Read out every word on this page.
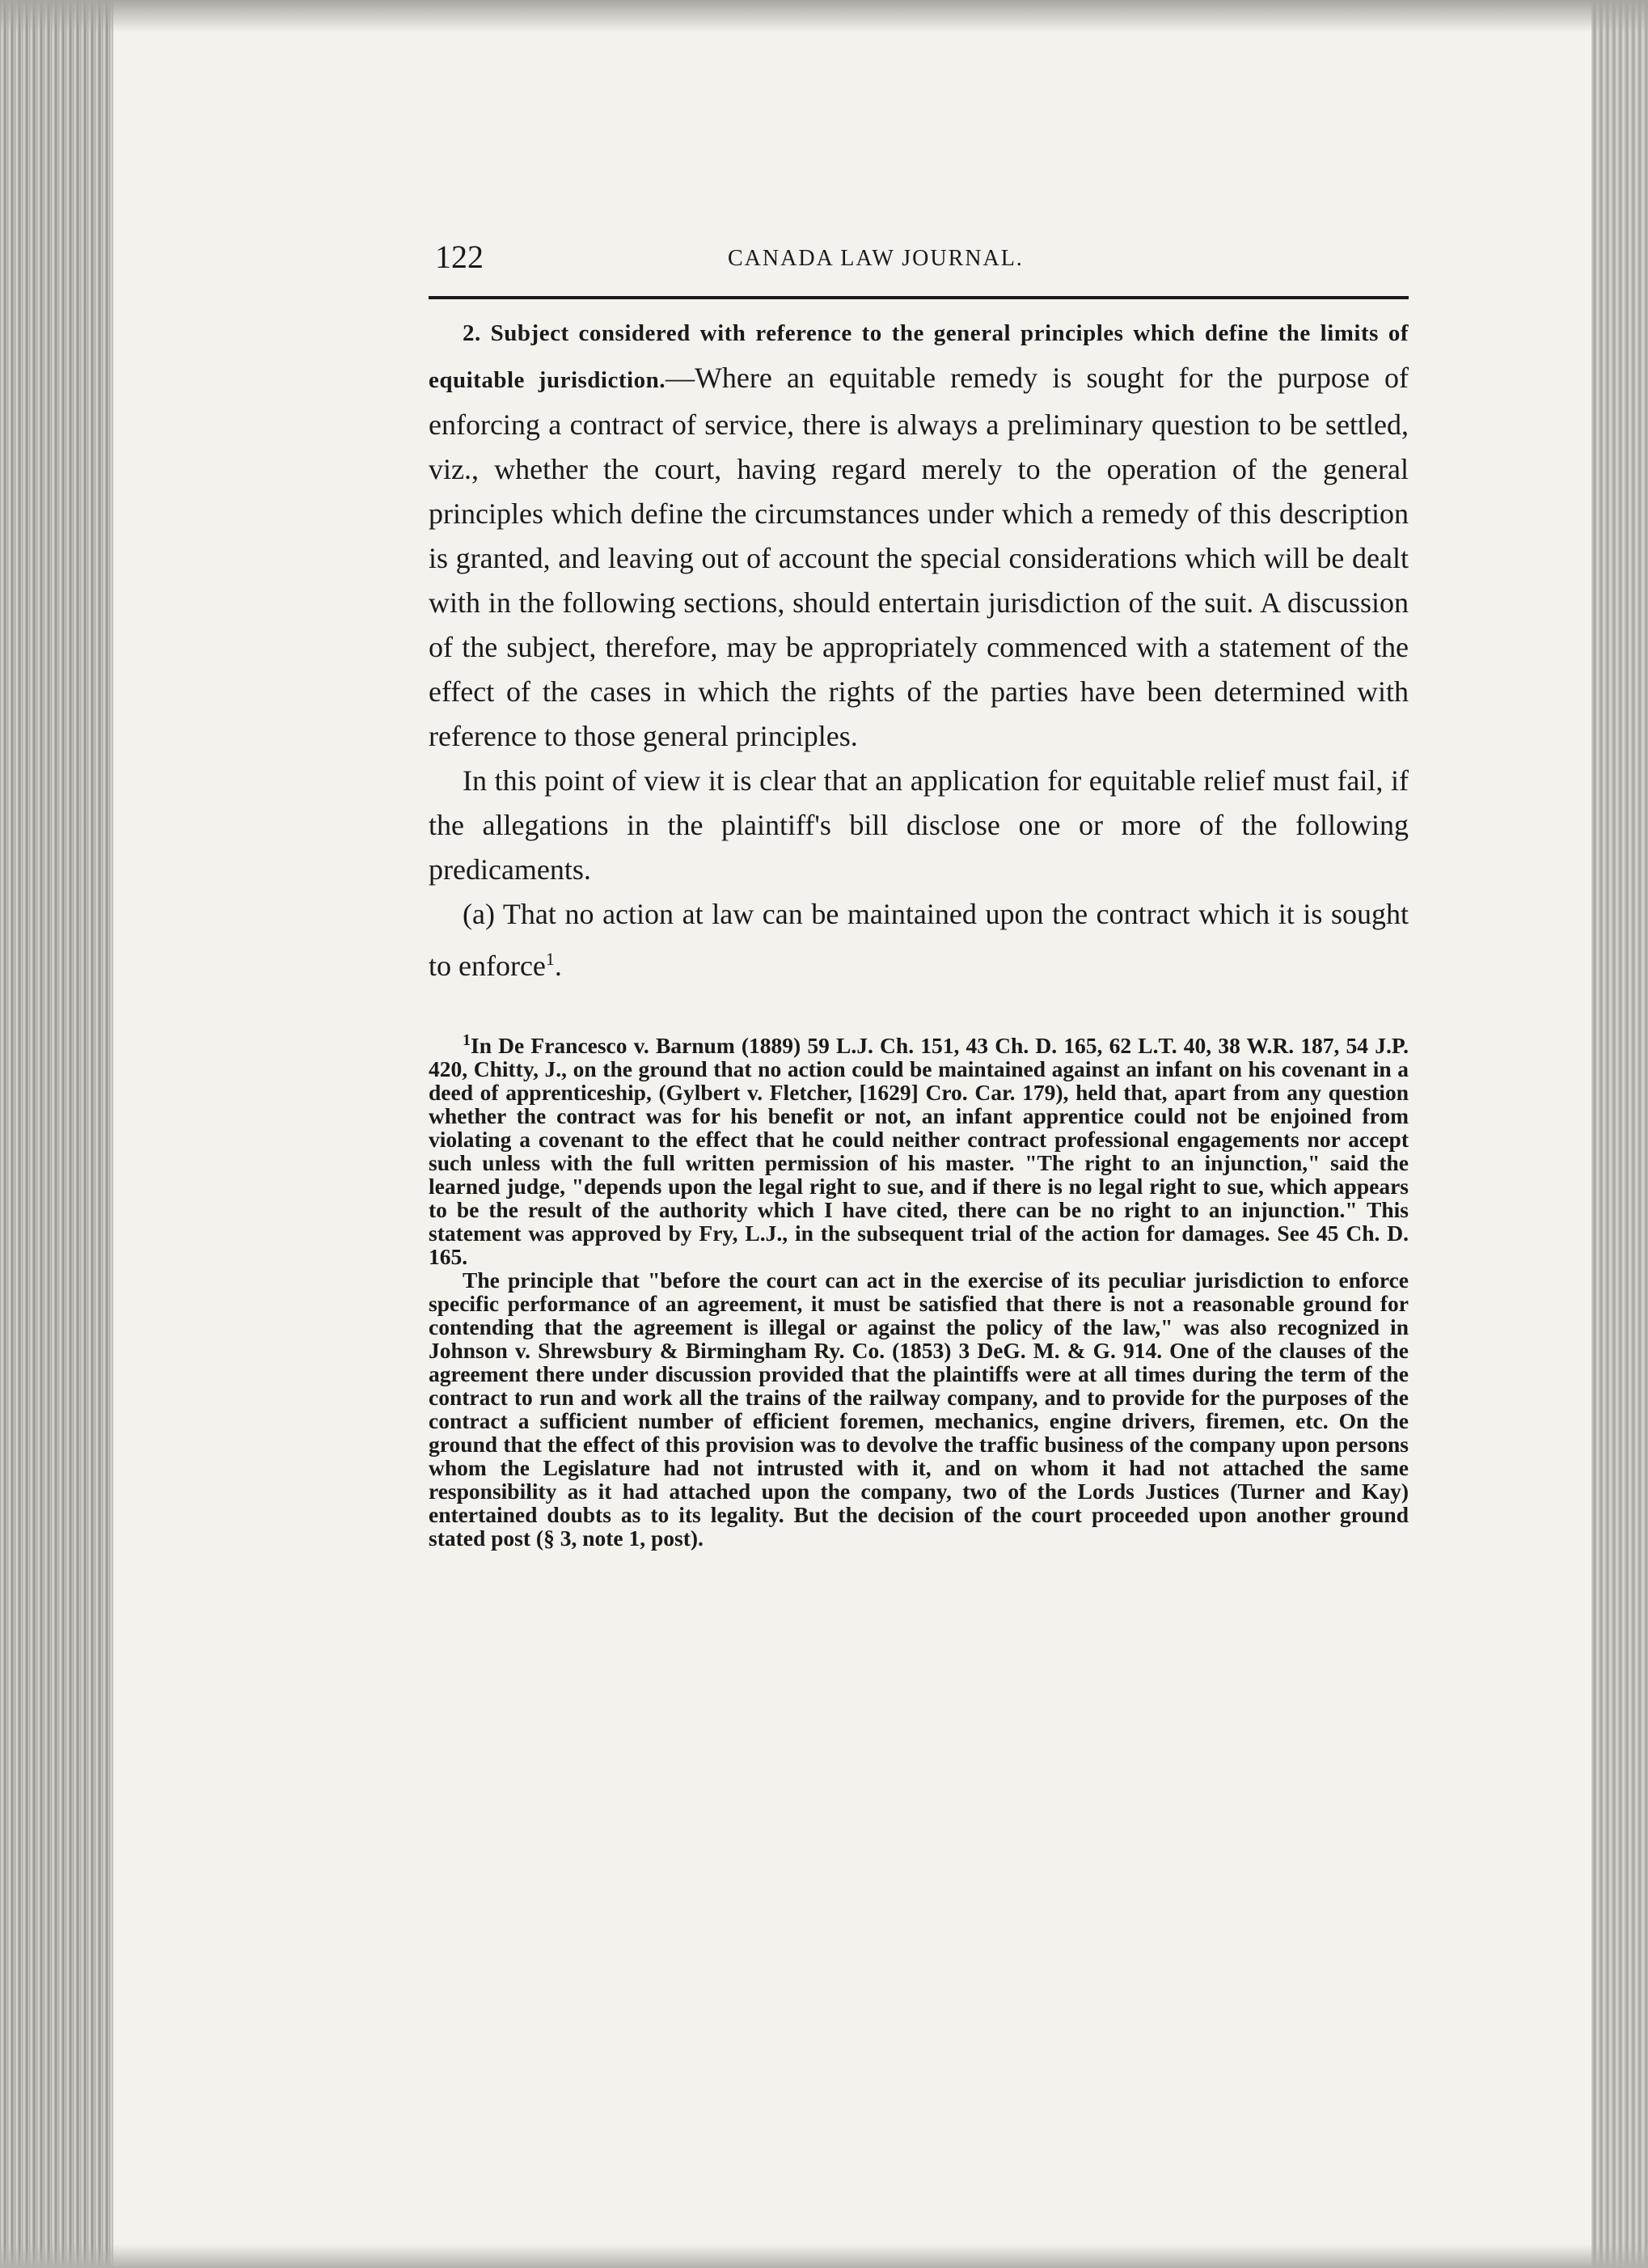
122	CANADA LAW JOURNAL.

2. Subject considered with reference to the general principles which define the limits of equitable jurisdiction.—Where an equitable remedy is sought for the purpose of enforcing a contract of service, there is always a preliminary question to be settled, viz., whether the court, having regard merely to the operation of the general principles which define the circumstances under which a remedy of this description is granted, and leaving out of account the special considerations which will be dealt with in the following sections, should entertain jurisdiction of the suit. A discussion of the subject, therefore, may be appropriately commenced with a statement of the effect of the cases in which the rights of the parties have been determined with reference to those general principles.

In this point of view it is clear that an application for equitable relief must fail, if the allegations in the plaintiff's bill disclose one or more of the following predicaments.

(a) That no action at law can be maintained upon the contract which it is sought to enforce$^1$.

$^1$In De Francesco v. Barnum (1889) 59 L.J. Ch. 151, 43 Ch. D. 165, 62 L.T. 40, 38 W.R. 187, 54 J.P. 420, Chitty, J., on the ground that no action could be maintained against an infant on his covenant in a deed of apprenticeship, (Gylbert v. Fletcher, [1629] Cro. Car. 179), held that, apart from any question whether the contract was for his benefit or not, an infant apprentice could not be enjoined from violating a covenant to the effect that he could neither contract professional engagements nor accept such unless with the full written permission of his master. "The right to an injunction," said the learned judge, "depends upon the legal right to sue, and if there is no legal right to sue, which appears to be the result of the authority which I have cited, there can be no right to an injunction." This statement was approved by Fry, L.J., in the subsequent trial of the action for damages. See 45 Ch. D. 165.

The principle that "before the court can act in the exercise of its peculiar jurisdiction to enforce specific performance of an agreement, it must be satisfied that there is not a reasonable ground for contending that the agreement is illegal or against the policy of the law," was also recognized in Johnson v. Shrewsbury & Birmingham Ry. Co. (1853) 3 DeG. M. & G. 914. One of the clauses of the agreement there under discussion provided that the plaintiffs were at all times during the term of the contract to run and work all the trains of the railway company, and to provide for the purposes of the contract a sufficient number of efficient foremen, mechanics, engine drivers, firemen, etc. On the ground that the effect of this provision was to devolve the traffic business of the company upon persons whom the Legislature had not intrusted with it, and on whom it had not attached the same responsibility as it had attached upon the company, two of the Lords Justices (Turner and Kay) entertained doubts as to its legality. But the decision of the court proceeded upon another ground stated post (§ 3, note 1, post).
